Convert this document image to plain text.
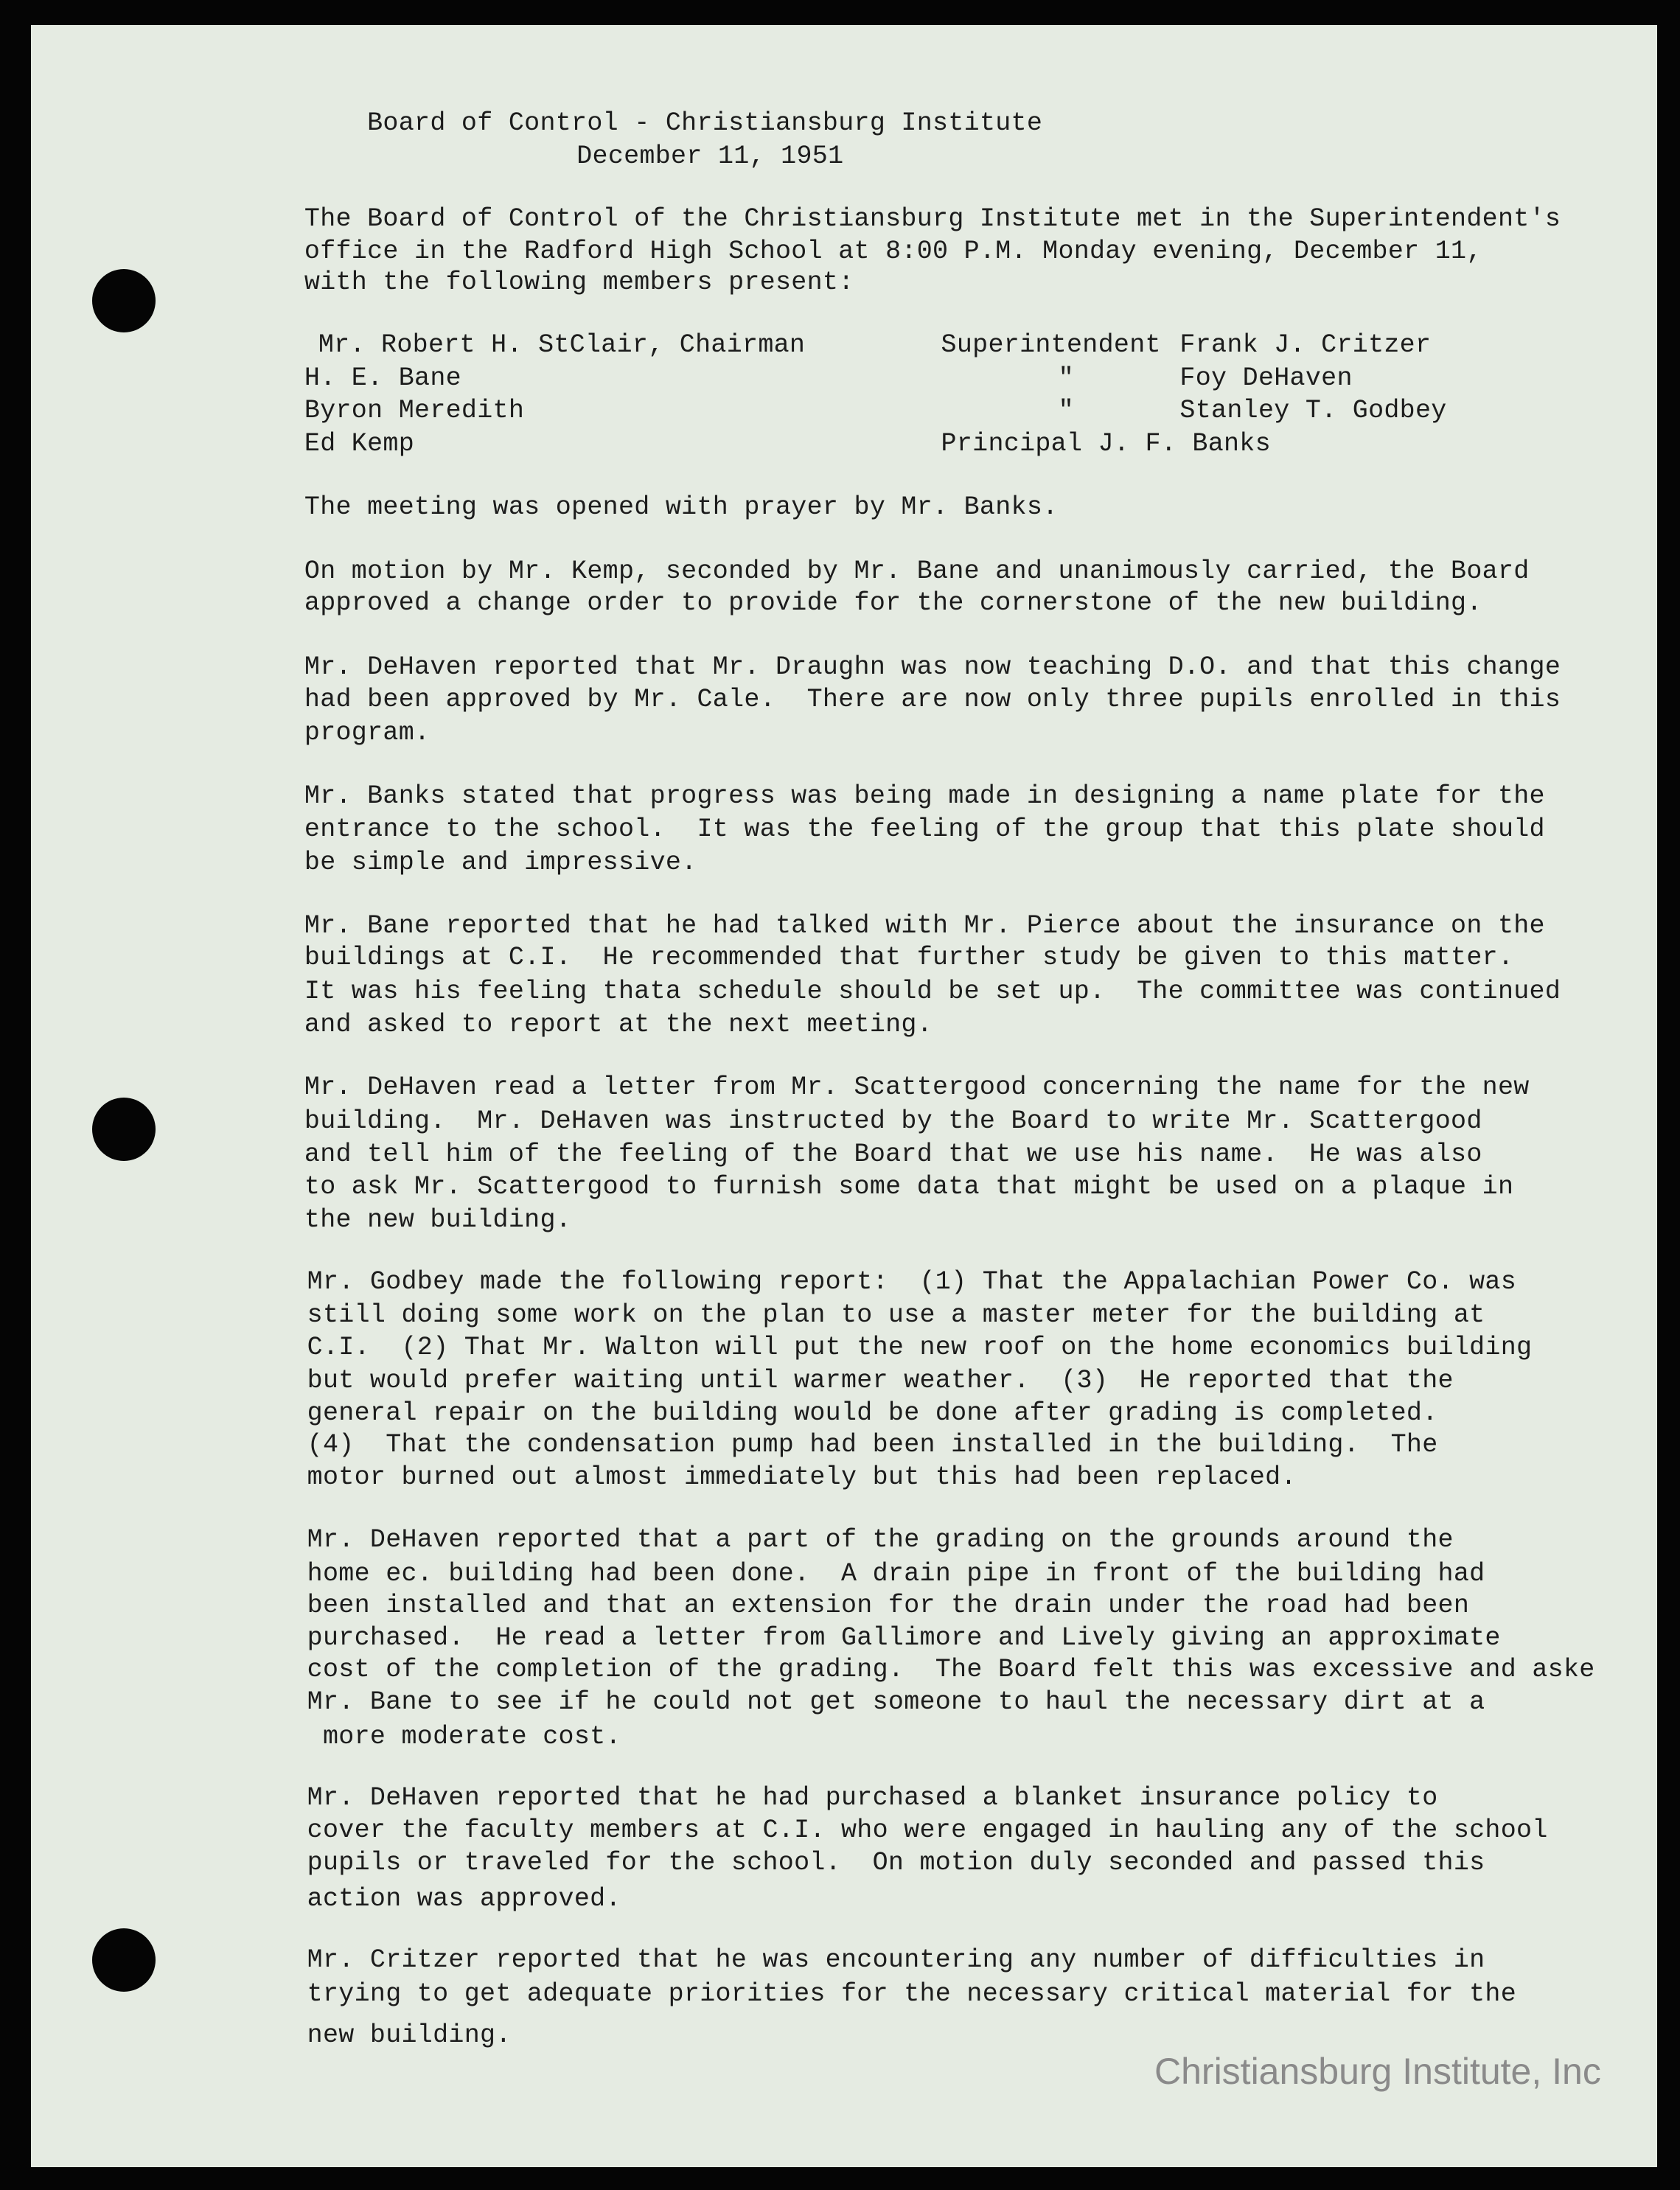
Christiansburg Institute, Inc
Board of Control - Christiansburg Institute
December 11, 1951
The Board of Control of the Christiansburg Institute met in the Superintendent's
office in the Radford High School at 8:00 P.M. Monday evening, December 11,
with the following members present:
The meeting was opened with prayer by Mr. Banks.
On motion by Mr. Kemp, seconded by Mr. Bane and unanimously carried, the Board
approved a change order to provide for the cornerstone of the new building.
Mr. DeHaven reported that Mr. Draughn was now teaching D.O. and that this change
had been approved by Mr. Cale.  There are now only three pupils enrolled in this
program.
Mr. Banks stated that progress was being made in designing a name plate for the
entrance to the school.  It was the feeling of the group that this plate should
be simple and impressive.
Mr. Bane reported that he had talked with Mr. Pierce about the insurance on the
buildings at C.I.  He recommended that further study be given to this matter.
It was his feeling thata schedule should be set up.  The committee was continued
and asked to report at the next meeting.
Mr. DeHaven read a letter from Mr. Scattergood concerning the name for the new
building.  Mr. DeHaven was instructed by the Board to write Mr. Scattergood
and tell him of the feeling of the Board that we use his name.  He was also
to ask Mr. Scattergood to furnish some data that might be used on a plaque in
the new building.
Mr. Godbey made the following report:  (1) That the Appalachian Power Co. was
still doing some work on the plan to use a master meter for the building at
C.I.  (2) That Mr. Walton will put the new roof on the home economics building
but would prefer waiting until warmer weather.  (3)  He reported that the
general repair on the building would be done after grading is completed.
(4)  That the condensation pump had been installed in the building.  The
motor burned out almost immediately but this had been replaced.
Mr. DeHaven reported that a part of the grading on the grounds around the
home ec. building had been done.  A drain pipe in front of the building had
been installed and that an extension for the drain under the road had been
purchased.  He read a letter from Gallimore and Lively giving an approximate
cost of the completion of the grading.  The Board felt this was excessive and aske
Mr. Bane to see if he could not get someone to haul the necessary dirt at a
more moderate cost.
Mr. DeHaven reported that he had purchased a blanket insurance policy to
cover the faculty members at C.I. who were engaged in hauling any of the school
pupils or traveled for the school.  On motion duly seconded and passed this
action was approved.
Mr. Critzer reported that he was encountering any number of difficulties in
trying to get adequate priorities for the necessary critical material for the
new building.
Mr. Robert H. StClair, Chairman
H. E. Bane
Byron Meredith
Ed Kemp
Superintendent Frank J. Critzer
"	Foy DeHaven
"	Stanley T. Godbey
Principal J. F. Banks
